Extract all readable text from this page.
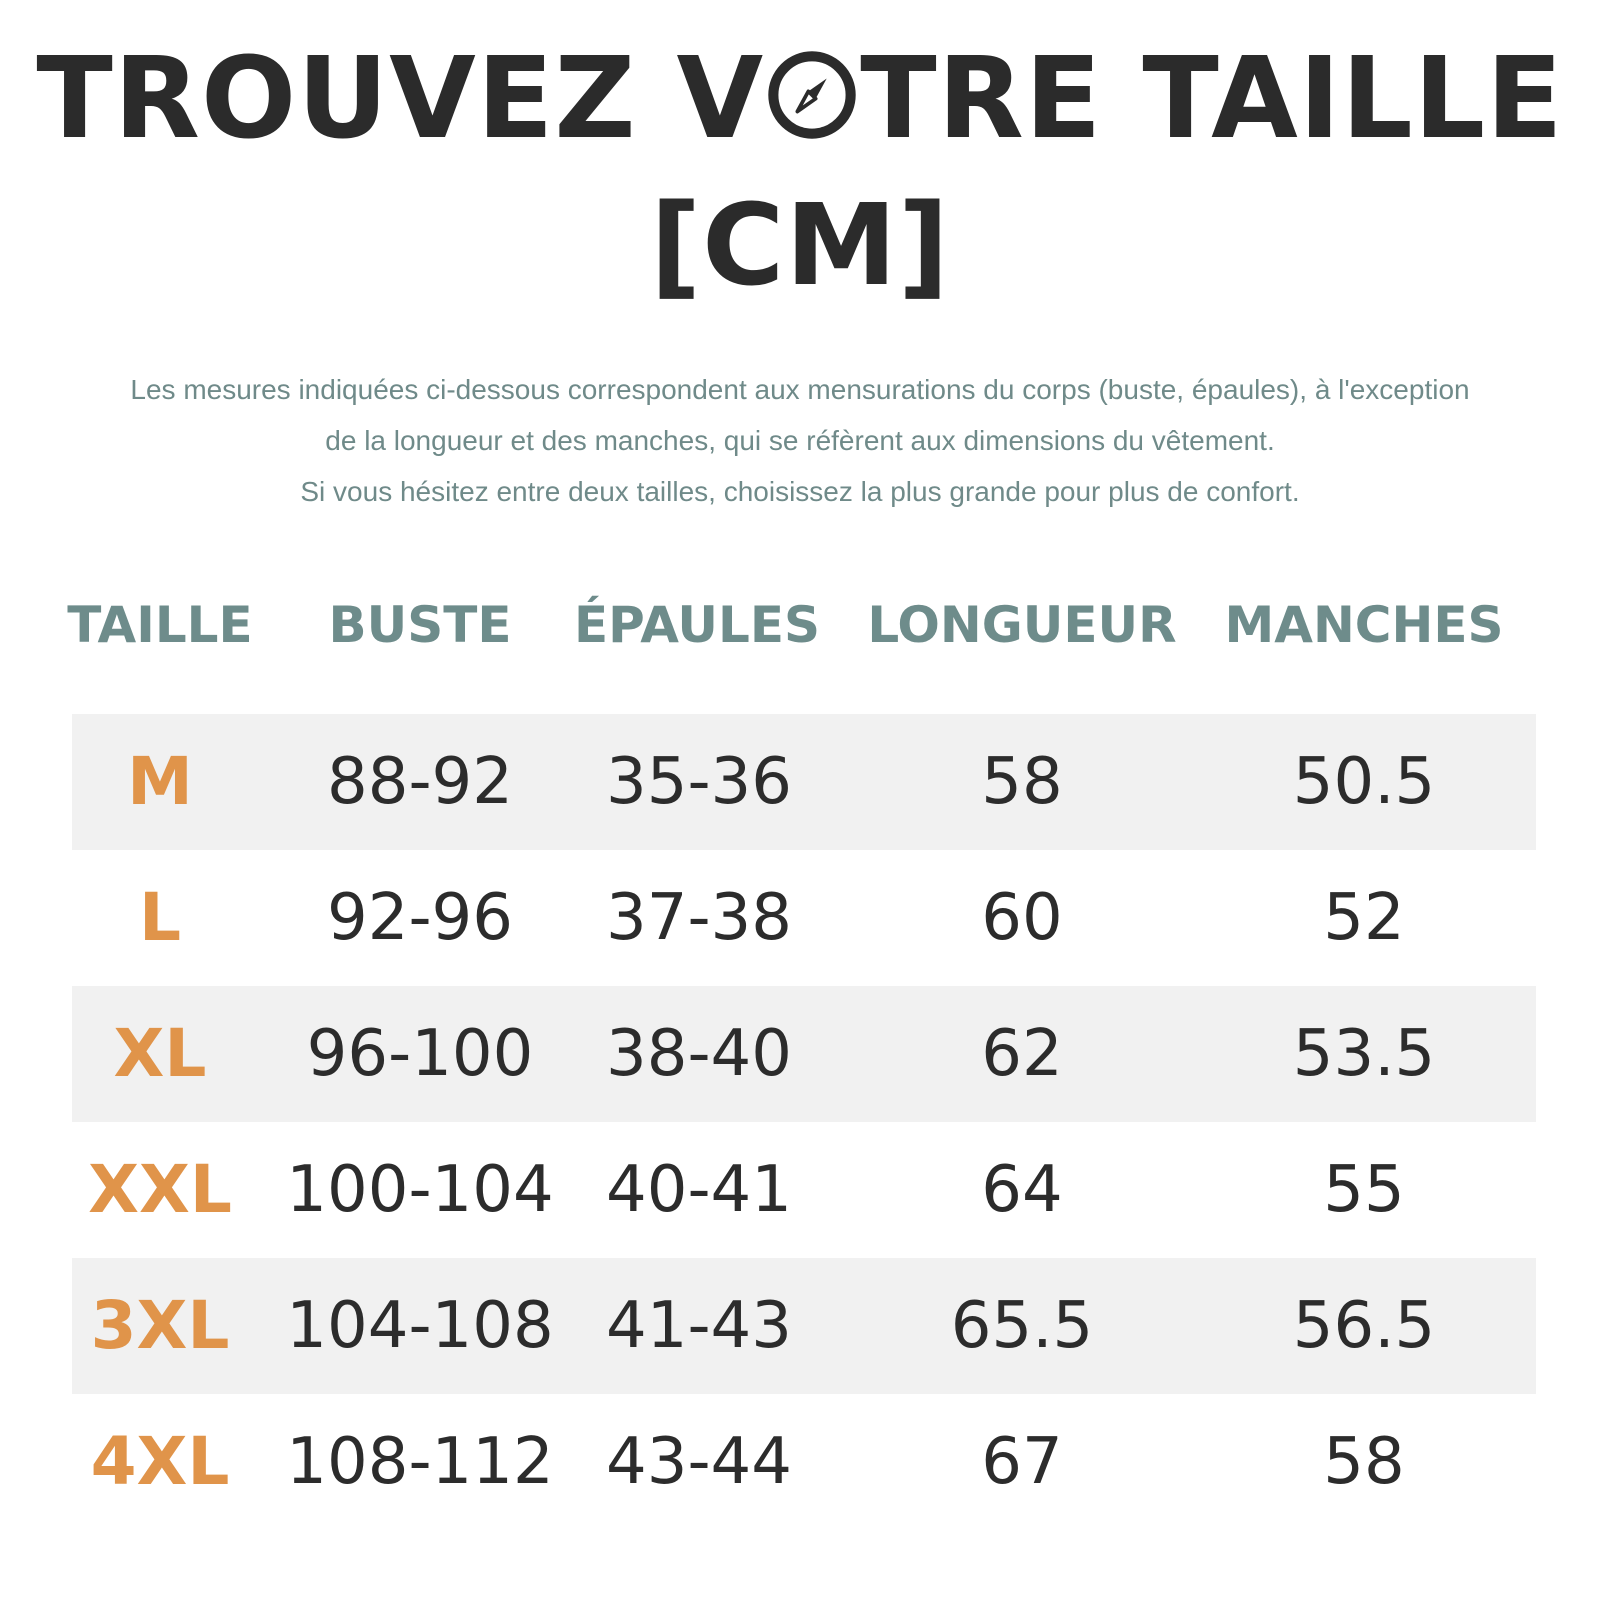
TROUVEZ V TRE TAILLE
[CM]
Les mesures indiquées ci-dessous correspondent aux mensurations du corps (buste, épaules), à l'exception
de la longueur et des manches, qui se réfèrent aux dimensions du vêtement.
Si vous hésitez entre deux tailles, choisissez la plus grande pour plus de confort.
TAILLE BUSTE ÉPAULES LONGUEUR MANCHES
M 88-92 35-36	58	50.5
L 92-96 37-38	60	52
XL 96-100 38-40	62	53.5
XXL 100-104 40-41	64	55
3XL 104-108 41-43 65.5	56.5
4XL 108-112 43-44	67	58
